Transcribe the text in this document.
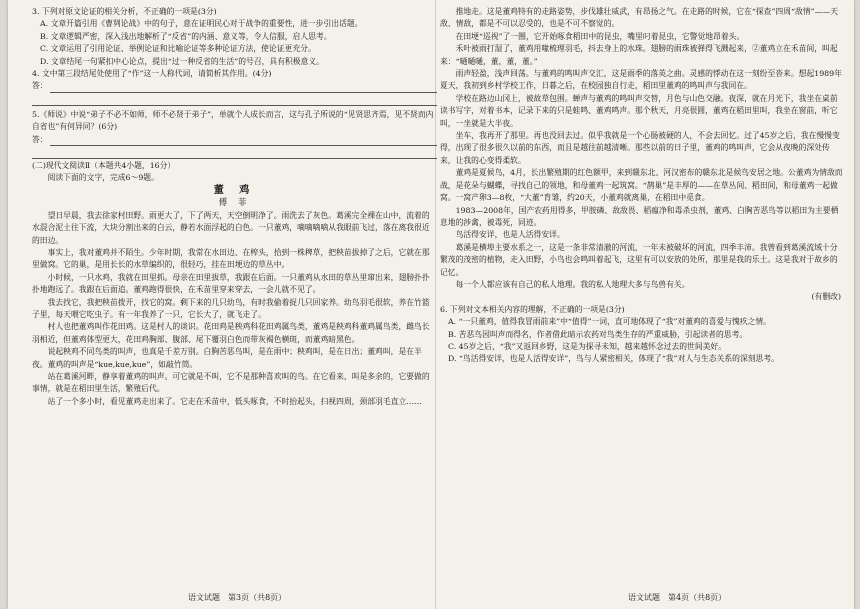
3. 下列对原文论证的相关分析，不正确的一项是(3分)

A. 文章开篇引用《曹刿论战》中的句子，意在证明民心对于战争的重要性，进一步引出话题。

B. 文章逻辑严密，深入浅出地解析了“反省”的内涵、意义等，令人信服，启人思考。

C. 文章运用了引用论证、举例论证和比喻论证等多种论证方法，使论证更充分。

D. 文章结尾一句紧扣中心论点，提出“过一种反省的生活”的号召，具有积极意义。

4. 文中第三段结尾处使用了“作”这一人称代词，请简析其作用。(4分)

答：

5.《师说》中说“弟子不必不如师，师不必贤于弟子”，单就个人成长而言，这与孔子所说的“见贤思齐焉，见不贤而内自省也”有何异同？(6分)

答：

(二)现代文阅读Ⅱ（本题共4小题，16分）

阅读下面的文字，完成6～9题。

董 鸡

傅 菲

望日早晨，我去徐家村田野。雨更大了，下了两天，天空倒明净了。雨洗去了灰色。葛溪完全裸在山中，流着的水混合泥土往下流，大块分割出来的白云，静若水面浮起的白色。一只董鸡，嘀嘀嘀嘀从我眼前飞过，落在离我很近的田边。

事实上，我对董鸡并不陌生。少年时期，我常在水田边、在榨头，拾到一株稗草，把秧苗拔掉了之后，它就在那里做窝。它的巢，是用长长的水草编织的，很轻巧，挂在田埂边的草丛中。

小时候，一只水鸡，我就在田里抓。母亲在田里拔草，我跟在后面。一只董鸡从水田的草丛里窜出来，翅膀扑扑扑地跑远了。我跟在后面追。董鸡跑得很快，在禾苗里穿来穿去，一会儿就不见了。

我去找它，我把秧苗拨开，找它的窝。剩下来的几只幼鸟，有时我偷着捉几只回家养。幼鸟羽毛很软，养在竹篮子里，每天喂它吃虫子。有一年我养了一只，它长大了，就飞走了。

村人也把董鸡叫作花田鸡。这是村人的谈识。花田鸡是秧鸡科花田鸡属鸟类，董鸡是秧鸡科董鸡属鸟类，雌鸟长羽相近，但董鸡体型更大，花田鸡胸部、腹部、尾下覆羽白色而带灰褐色横斑，而董鸡暗黑色。

说起秧鸡不同鸟类的叫声，也真是千差万别。白胸苦恶鸟叫，是在雨中；秧鸡叫，是在日出；董鸡叫，是在半夜。董鸡的叫声是“kue,kue,kue”，如敲竹筒。

站在葛溪河畔，静享着董鸡的叫声。可它就是不叫，它不是那种喜欢叫的鸟。在它看来，叫是多余的，它要做的事情，就是在稻田里生活，繁殖后代。

站了一个多小时，看见董鸡走出来了。它走在禾苗中，低头啄食，不时抬起头，扫视四周，颈部羽毛直立……

推地走。这是董鸡特有的走路姿势，步伐雄壮威武，有昂扬之气。在走路的时候，它在“探查”四周“敌情”——天敌、情敌，都是不可以忍受的，也是不可不察觉的。

在田埂“巡视”了一圈，它开始啄食稻田中的昆虫，嘴里叼着昆虫，它警觉地昂着头。

禾叶被雨打湿了，董鸡用喙梳理羽毛，抖去身上的水珠。翅膀的雨珠被弹得飞溅起来，②董鸡立在禾苗间，叫起来：“嗵嗵嗵，董，董，董。”

雨声轻盈，浅声回荡。与董鸡的鸣叫声交汇，这是雨季的落英之曲。灵感的悸动在这一刻纷至沓来。想起1989年夏天，我初到乡村学校工作，日暮之后，在校园独自行走，稻田里董鸡的鸣叫声与我同在。

学校在路边山冈上，被故草包围。蝉声与董鸡的鸣叫声交替，月色与山色交融。夜深，就在月光下，我坐在桌前读书写字，对着书本，记录下来的只是蛙鸣、董鸡鸣声。那个秋天，月亮很圆，董鸡在稻田里叫，我坐在窗前，听它叫，一坐就是大半夜。

坐车，我再开了那里。再也没回去过。似乎我就是一个心肠被硬的人，不会去回忆。过了45岁之后，我在慢慢变得，出现了很多很久以前的东西，而且是越往前越清晰。那些以前的日子里，董鸡的鸣叫声，它会从夜晚的深处传来，让我的心变得柔软。

董鸡是夏候鸟，4月，长出繁殖期的红色额甲，来到赣东北、河汉密布的赣东北是候鸟安居之地。公董鸡为情敌而战，是花朵与蝴蝶，寻找自己的领地，和母董鸡一起筑窝。“鹊巢”是丰厚的——在草丛间、稻田间，和母董鸡一起做窝。一窝产卵3—8枚，“大董”育雏，约20天，小董鸡就离巢，在稻田中觅食。

1983—2008年，国产农药用得多，甲胺磷、敌敌畏、稻瘟净和毒杀虫剂，董鸡、白胸苦恶鸟等以稻田为主要栖息地的涉禽，被毒死，同迹。

鸟活得安详，也是人活得安详。

葛溪是横埠主要水系之一，这是一条非常清澈的河流，一年未被破坏的河流，四季丰沛。我曾看到葛溪流域十分繁茂的茂密的植物，走入田野，小鸟也会鸣叫着起飞，这里有可以安放的处所，那里是我的乐土。这是我对于故乡的记忆。

每一个人都应该有自己的私人地理。我的私人地理大多与鸟兽有关。

(有删改)

6. 下列对文本相关内容的理解，不正确的一项是(3分)

A. “一只董鸡，值得我冒雨前来”中“值得”一词，直可地体现了“我”对董鸡的喜爱与愧疚之情。

B. 苦恶鸟因叫声而得名，作者借此暗示农药对鸟类生存的严重威胁，引起读者的思考。

C. 45岁之后，“我”又返回乡野，这是为探寻未知，越来越怀念过去的世间美好。

D. “鸟活得安详，也是人活得安详”，鸟与人紧密相关，体现了“我”对人与生态关系的深刻思考。

语文试题　第3页（共8页）	语文试题　第4页（共8页）
